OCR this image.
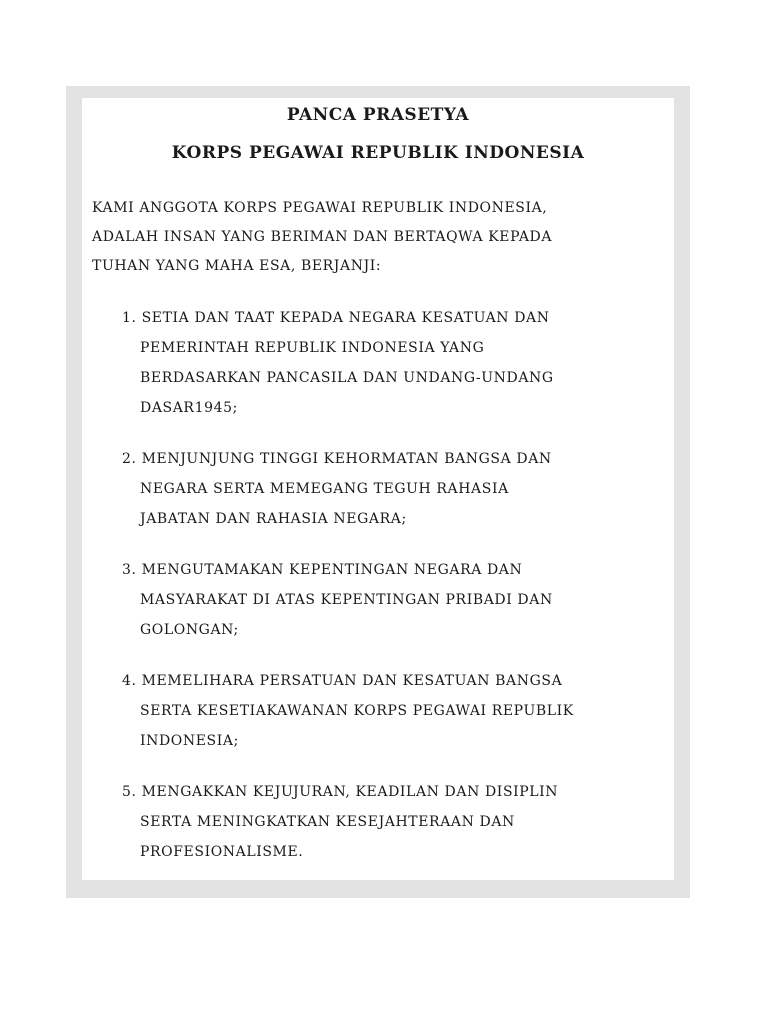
PANCA PRASETYA
KORPS PEGAWAI REPUBLIK INDONESIA
KAMI ANGGOTA KORPS PEGAWAI REPUBLIK INDONESIA,
ADALAH INSAN YANG BERIMAN DAN BERTAQWA KEPADA
TUHAN YANG MAHA ESA, BERJANJI:
1. SETIA DAN TAAT KEPADA NEGARA KESATUAN DAN
PEMERINTAH REPUBLIK INDONESIA YANG
BERDASARKAN PANCASILA DAN UNDANG-UNDANG
DASAR1945;
2. MENJUNJUNG TINGGI KEHORMATAN BANGSA DAN
NEGARA SERTA MEMEGANG TEGUH RAHASIA
JABATAN DAN RAHASIA NEGARA;
3. MENGUTAMAKAN KEPENTINGAN NEGARA DAN
MASYARAKAT DI ATAS KEPENTINGAN PRIBADI DAN
GOLONGAN;
4. MEMELIHARA PERSATUAN DAN KESATUAN BANGSA
SERTA KESETIAKAWANAN KORPS PEGAWAI REPUBLIK
INDONESIA;
5. MENGAKKAN KEJUJURAN, KEADILAN DAN DISIPLIN
SERTA MENINGKATKAN KESEJAHTERAAN DAN
PROFESIONALISME.
